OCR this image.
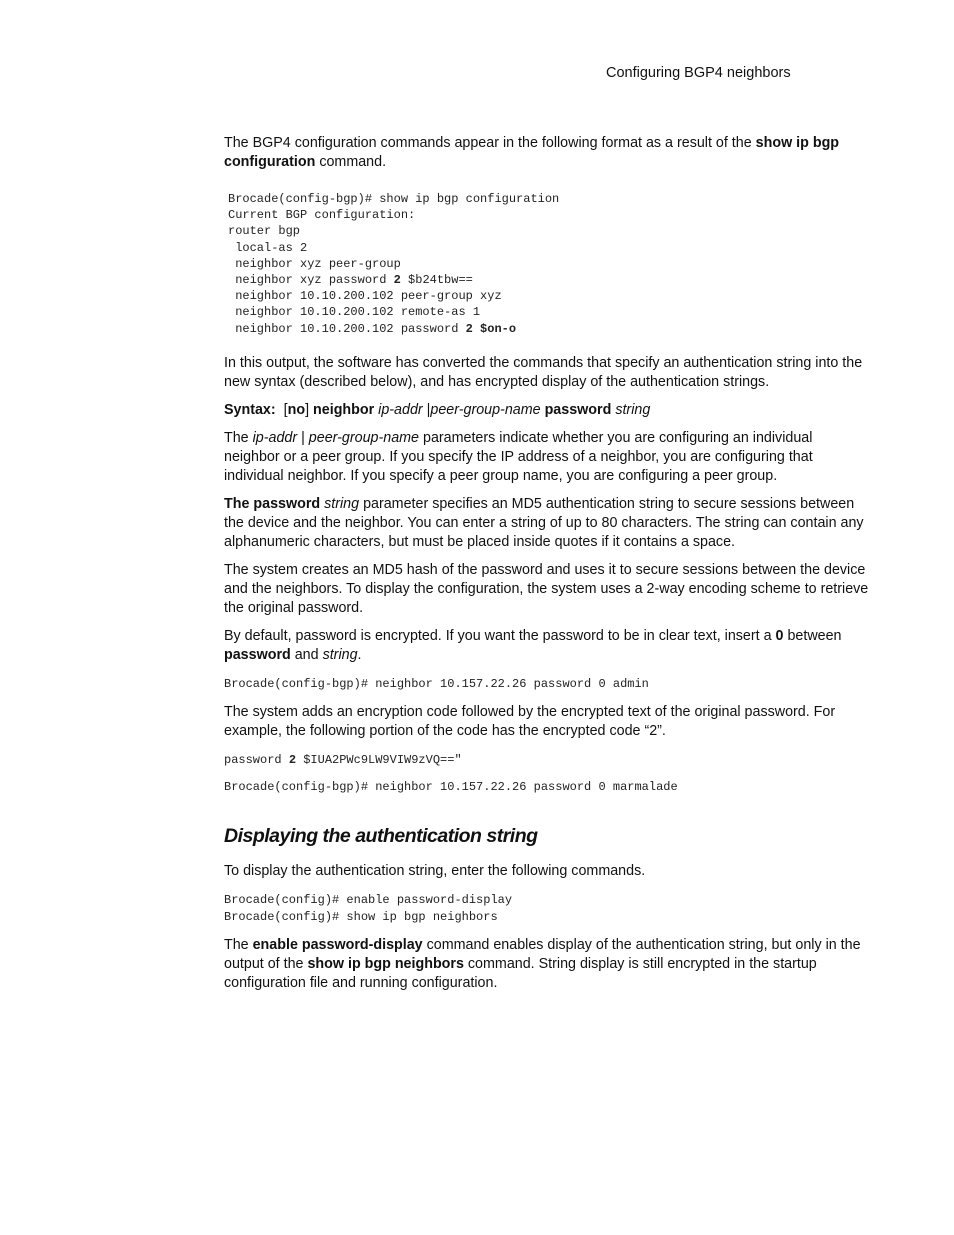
Configuring BGP4 neighbors

The BGP4 configuration commands appear in the following format as a result of the show ip bgp configuration command.

Brocade(config-bgp)# show ip bgp configuration
Current BGP configuration:
router bgp
local-as 2
neighbor xyz peer-group
neighbor xyz password 2 $b24tbw==
neighbor 10.10.200.102 peer-group xyz
neighbor 10.10.200.102 remote-as 1
neighbor 10.10.200.102 password 2 $on-o

In this output, the software has converted the commands that specify an authentication string into the new syntax (described below), and has encrypted display of the authentication strings.

Syntax: [no] neighbor ip-addr |peer-group-name password string

The ip-addr | peer-group-name parameters indicate whether you are configuring an individual neighbor or a peer group. If you specify the IP address of a neighbor, you are configuring that individual neighbor. If you specify a peer group name, you are configuring a peer group.

The password string parameter specifies an MD5 authentication string to secure sessions between the device and the neighbor. You can enter a string of up to 80 characters. The string can contain any alphanumeric characters, but must be placed inside quotes if it contains a space.

The system creates an MD5 hash of the password and uses it to secure sessions between the device and the neighbors. To display the configuration, the system uses a 2-way encoding scheme to retrieve the original password.

By default, password is encrypted. If you want the password to be in clear text, insert a 0 between password and string.

Brocade(config-bgp)# neighbor 10.157.22.26 password 0 admin

The system adds an encryption code followed by the encrypted text of the original password. For example, the following portion of the code has the encrypted code “2”.

password 2 $IUA2PWc9LW9VIW9zVQ=="
Brocade(config-bgp)# neighbor 10.157.22.26 password 0 marmalade
Displaying the authentication string

To display the authentication string, enter the following commands.

Brocade(config)# enable password-display
Brocade(config)# show ip bgp neighbors

The enable password-display command enables display of the authentication string, but only in the output of the show ip bgp neighbors command. String display is still encrypted in the startup configuration file and running configuration.
